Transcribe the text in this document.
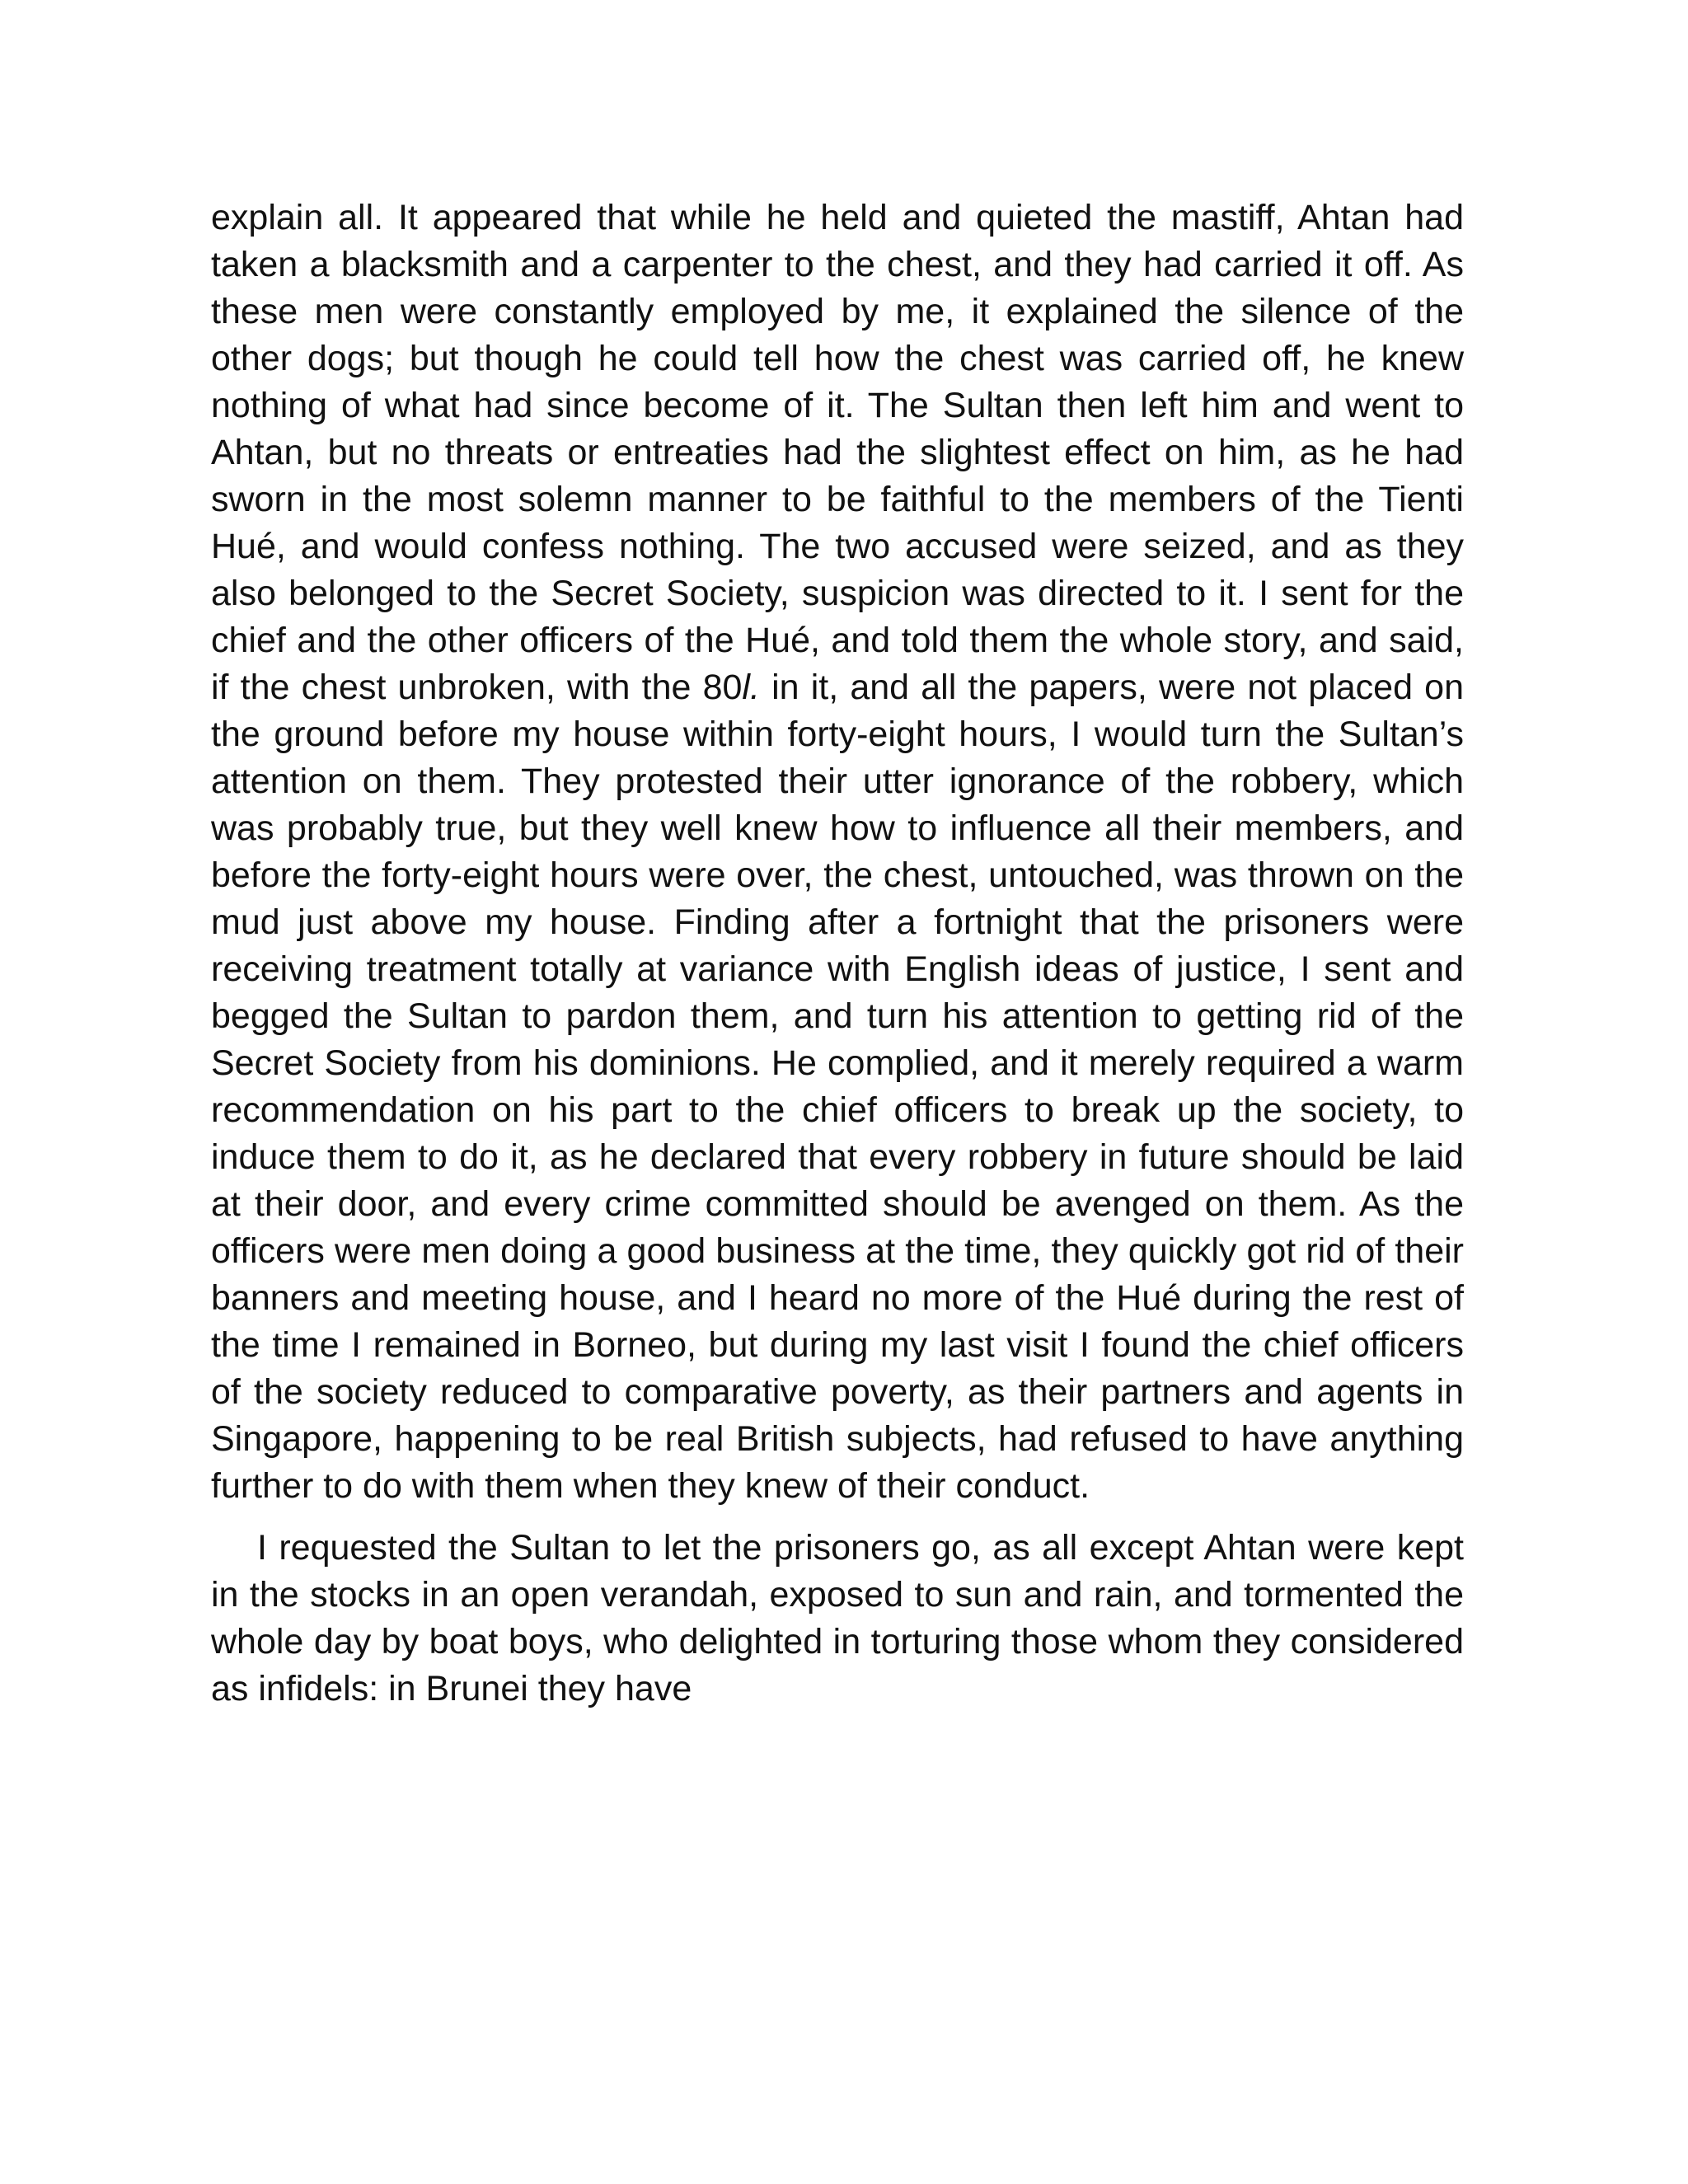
explain all. It appeared that while he held and quieted the mastiff, Ahtan had taken a blacksmith and a carpenter to the chest, and they had carried it off. As these men were constantly employed by me, it explained the silence of the other dogs; but though he could tell how the chest was carried off, he knew nothing of what had since become of it. The Sultan then left him and went to Ahtan, but no threats or entreaties had the slightest effect on him, as he had sworn in the most solemn manner to be faithful to the members of the Tienti Hué, and would confess nothing. The two accused were seized, and as they also belonged to the Secret Society, suspicion was directed to it. I sent for the chief and the other officers of the Hué, and told them the whole story, and said, if the chest unbroken, with the 80l. in it, and all the papers, were not placed on the ground before my house within forty-eight hours, I would turn the Sultan’s attention on them. They protested their utter ignorance of the robbery, which was probably true, but they well knew how to influence all their members, and before the forty-eight hours were over, the chest, untouched, was thrown on the mud just above my house. Finding after a fortnight that the prisoners were receiving treatment totally at variance with English ideas of justice, I sent and begged the Sultan to pardon them, and turn his attention to getting rid of the Secret Society from his dominions. He complied, and it merely required a warm recommendation on his part to the chief officers to break up the society, to induce them to do it, as he declared that every robbery in future should be laid at their door, and every crime committed should be avenged on them. As the officers were men doing a good business at the time, they quickly got rid of their banners and meeting house, and I heard no more of the Hué during the rest of the time I remained in Borneo, but during my last visit I found the chief officers of the society reduced to comparative poverty, as their partners and agents in Singapore, happening to be real British subjects, had refused to have anything further to do with them when they knew of their conduct.

I requested the Sultan to let the prisoners go, as all except Ahtan were kept in the stocks in an open verandah, exposed to sun and rain, and tormented the whole day by boat boys, who delighted in torturing those whom they considered as infidels: in Brunei they have
